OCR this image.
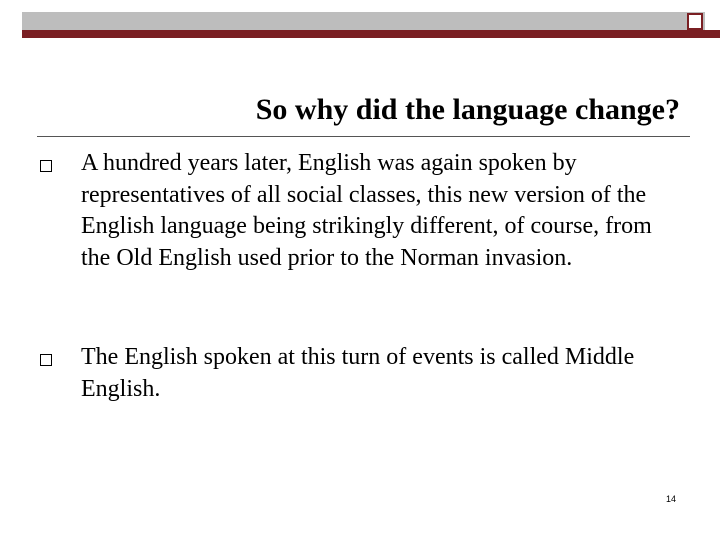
So why did the language change?
A hundred years later, English was again spoken by representatives of all social classes, this new version of the English language being strikingly different, of course, from the Old English used prior to the Norman invasion.
The English spoken at this turn of events is called Middle English.
14
